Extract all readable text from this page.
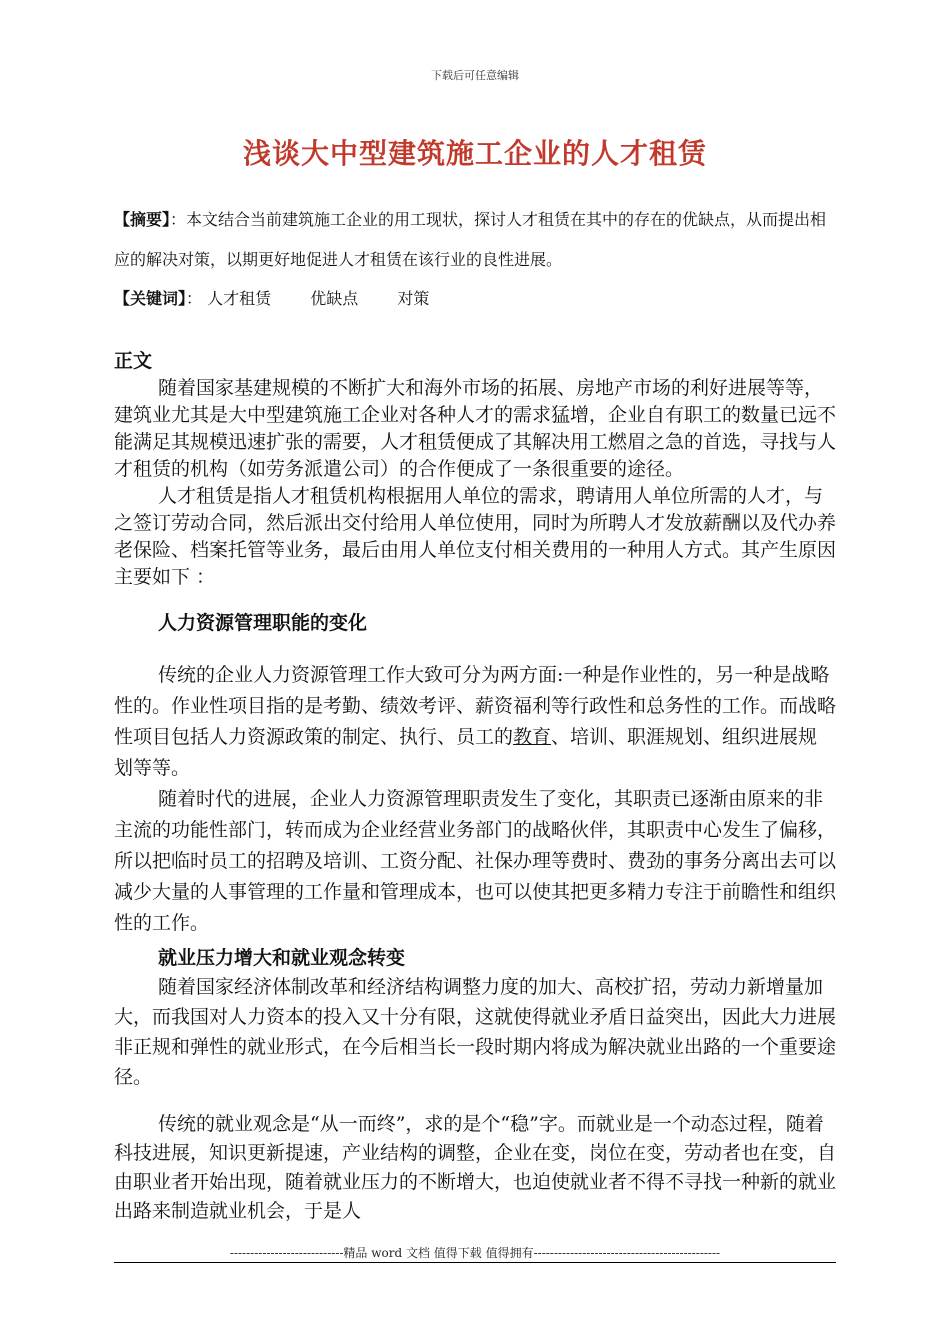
下载后可任意编辑
浅谈大中型建筑施工企业的人才租赁
【摘要】：本文结合当前建筑施工企业的用工现状，探讨人才租赁在其中的存在的优缺点，从而提出相应的解决对策，以期更好地促进人才租赁在该行业的良性进展。
【关键词】： 人才租赁 优缺点 对策
正文

随着国家基建规模的不断扩大和海外市场的拓展、房地产市场的利好进展等等，建筑业尤其是大中型建筑施工企业对各种人才的需求猛增，企业自有职工的数量已远不能满足其规模迅速扩张的需要，人才租赁便成了其解决用工燃眉之急的首选，寻找与人才租赁的机构（如劳务派遣公司）的合作便成了一条很重要的途径。

人才租赁是指人才租赁机构根据用人单位的需求，聘请用人单位所需的人才，与之签订劳动合同，然后派出交付给用人单位使用，同时为所聘人才发放薪酬以及代办养老保险、档案托管等业务，最后由用人单位支付相关费用的一种用人方式。其产生原因主要如下 ：

人力资源管理职能的变化

传统的企业人力资源管理工作大致可分为两方面:一种是作业性的，另一种是战略性的。作业性项目指的是考勤、绩效考评、薪资福利等行政性和总务性的工作。而战略性项目包括人力资源政策的制定、执行、员工的教育、培训、职涯规划、组织进展规划等等。

随着时代的进展，企业人力资源管理职责发生了变化，其职责已逐渐由原来的非主流的功能性部门，转而成为企业经营业务部门的战略伙伴，其职责中心发生了偏移，所以把临时员工的招聘及培训、工资分配、社保办理等费时、费劲的事务分离出去可以减少大量的人事管理的工作量和管理成本，也可以使其把更多精力专注于前瞻性和组织性的工作。

就业压力增大和就业观念转变

随着国家经济体制改革和经济结构调整力度的加大、高校扩招，劳动力新增量加大，而我国对人力资本的投入又十分有限，这就使得就业矛盾日益突出，因此大力进展非正规和弹性的就业形式，在今后相当长一段时期内将成为解决就业出路的一个重要途径。

传统的就业观念是“从一而终”，求的是个“稳”字。而就业是一个动态过程，随着科技进展，知识更新提速，产业结构的调整，企业在变，岗位在变，劳动者也在变，自由职业者开始出现，随着就业压力的不断增大，也迫使就业者不得不寻找一种新的就业出路来制造就业机会，于是人

----------------------------精品 word 文档 值得下载 值得拥有----------------------------------------------
